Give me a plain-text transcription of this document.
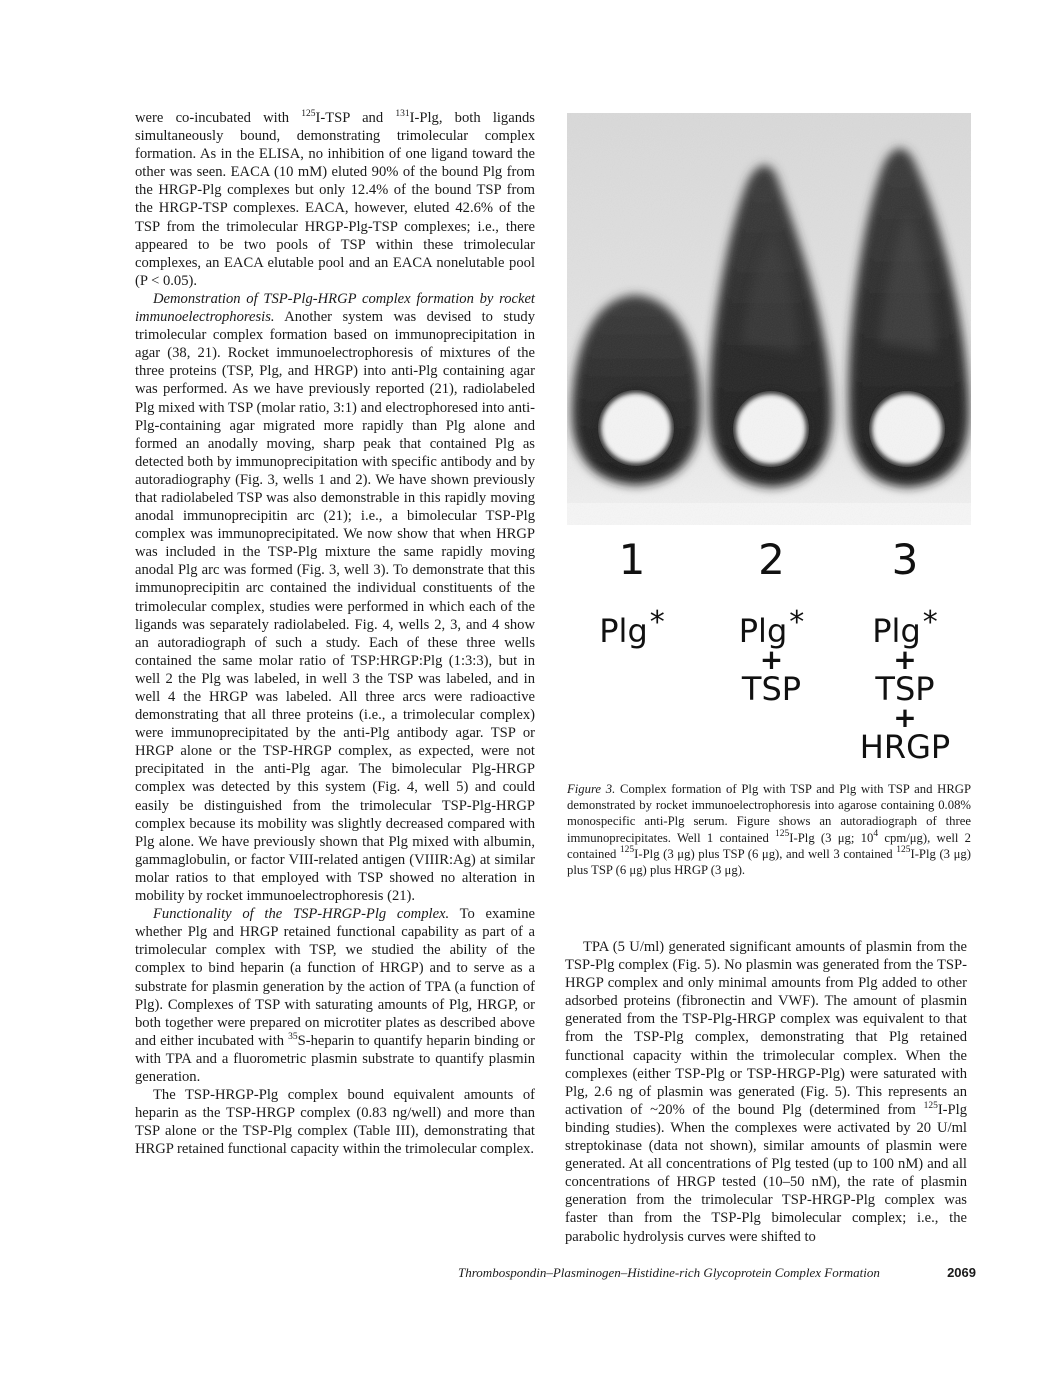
were co-incubated with $^{125}$I-TSP and $^{131}$I-Plg, both ligands simultaneously bound, demonstrating trimolecular complex formation. As in the ELISA, no inhibition of one ligand toward the other was seen. EACA (10 mM) eluted 90% of the bound Plg from the HRGP-Plg complexes but only 12.4% of the bound TSP from the HRGP-TSP complexes. EACA, however, eluted 42.6% of the TSP from the trimolecular HRGP-Plg-TSP complexes; i.e., there appeared to be two pools of TSP within these trimolecular complexes, an EACA elutable pool and an EACA nonelutable pool (P < 0.05).

Demonstration of TSP-Plg-HRGP complex formation by rocket immunoelectrophoresis. Another system was devised to study trimolecular complex formation based on immunoprecipitation in agar (38, 21). Rocket immunoelectrophoresis of mixtures of the three proteins (TSP, Plg, and HRGP) into anti-Plg containing agar was performed. As we have previously reported (21), radiolabeled Plg mixed with TSP (molar ratio, 3:1) and electrophoresed into anti-Plg-containing agar migrated more rapidly than Plg alone and formed an anodally moving, sharp peak that contained Plg as detected both by immunoprecipitation with specific antibody and by autoradiography (Fig. 3, wells 1 and 2). We have shown previously that radiolabeled TSP was also demonstrable in this rapidly moving anodal immunoprecipitin arc (21); i.e., a bimolecular TSP-Plg complex was immunoprecipitated. We now show that when HRGP was included in the TSP-Plg mixture the same rapidly moving anodal Plg arc was formed (Fig. 3, well 3). To demonstrate that this immunoprecipitin arc contained the individual constituents of the trimolecular complex, studies were performed in which each of the ligands was separately radiolabeled. Fig. 4, wells 2, 3, and 4 show an autoradiograph of such a study. Each of these three wells contained the same molar ratio of TSP:HRGP:Plg (1:3:3), but in well 2 the Plg was labeled, in well 3 the TSP was labeled, and in well 4 the HRGP was labeled. All three arcs were radioactive demonstrating that all three proteins (i.e., a trimolecular complex) were immunoprecipitated by the anti-Plg antibody agar. TSP or HRGP alone or the TSP-HRGP complex, as expected, were not precipitated in the anti-Plg agar. The bimolecular Plg-HRGP complex was detected by this system (Fig. 4, well 5) and could easily be distinguished from the trimolecular TSP-Plg-HRGP complex because its mobility was slightly decreased compared with Plg alone. We have previously shown that Plg mixed with albumin, gammaglobulin, or factor VIII-related antigen (VIIIR:Ag) at similar molar ratios to that employed with TSP showed no alteration in mobility by rocket immunoelectrophoresis (21).

Functionality of the TSP-HRGP-Plg complex. To examine whether Plg and HRGP retained functional capability as part of a trimolecular complex with TSP, we studied the ability of the complex to bind heparin (a function of HRGP) and to serve as a substrate for plasmin generation by the action of TPA (a function of Plg). Complexes of TSP with saturating amounts of Plg, HRGP, or both together were prepared on microtiter plates as described above and either incubated with $^{35}$S-heparin to quantify heparin binding or with TPA and a fluorometric plasmin substrate to quantify plasmin generation.

The TSP-HRGP-Plg complex bound equivalent amounts of heparin as the TSP-HRGP complex (0.83 ng/well) and more than TSP alone or the TSP-Plg complex (Table III), demonstrating that HRGP retained functional capacity within the trimolecular complex.

1
Plg*
2
Plg*
+
TSP
3
Plg*
+
TSP
+
HRGP
Figure 3. Complex formation of Plg with TSP and Plg with TSP and HRGP demonstrated by rocket immunoelectrophoresis into agarose containing 0.08% monospecific anti-Plg serum. Figure shows an autoradiograph of three immunoprecipitates. Well 1 contained $^{125}$I-Plg (3 μg; $10^4$ cpm/μg), well 2 contained $^{125}$I-Plg (3 μg) plus TSP (6 μg), and well 3 contained $^{125}$I-Plg (3 μg) plus TSP (6 μg) plus HRGP (3 μg).

TPA (5 U/ml) generated significant amounts of plasmin from the TSP-Plg complex (Fig. 5). No plasmin was generated from the TSP-HRGP complex and only minimal amounts from Plg added to other adsorbed proteins (fibronectin and VWF). The amount of plasmin generated from the TSP-Plg-HRGP complex was equivalent to that from the TSP-Plg complex, demonstrating that Plg retained functional capacity within the trimolecular complex. When the complexes (either TSP-Plg or TSP-HRGP-Plg) were saturated with Plg, 2.6 ng of plasmin was generated (Fig. 5). This represents an activation of ~20% of the bound Plg (determined from $^{125}$I-Plg binding studies). When the complexes were activated by 20 U/ml streptokinase (data not shown), similar amounts of plasmin were generated. At all concentrations of Plg tested (up to 100 nM) and all concentrations of HRGP tested (10–50 nM), the rate of plasmin generation from the trimolecular TSP-HRGP-Plg complex was faster than from the TSP-Plg bimolecular complex; i.e., the parabolic hydrolysis curves were shifted to

Thrombospondin–Plasminogen–Histidine-rich Glycoprotein Complex Formation	2069
